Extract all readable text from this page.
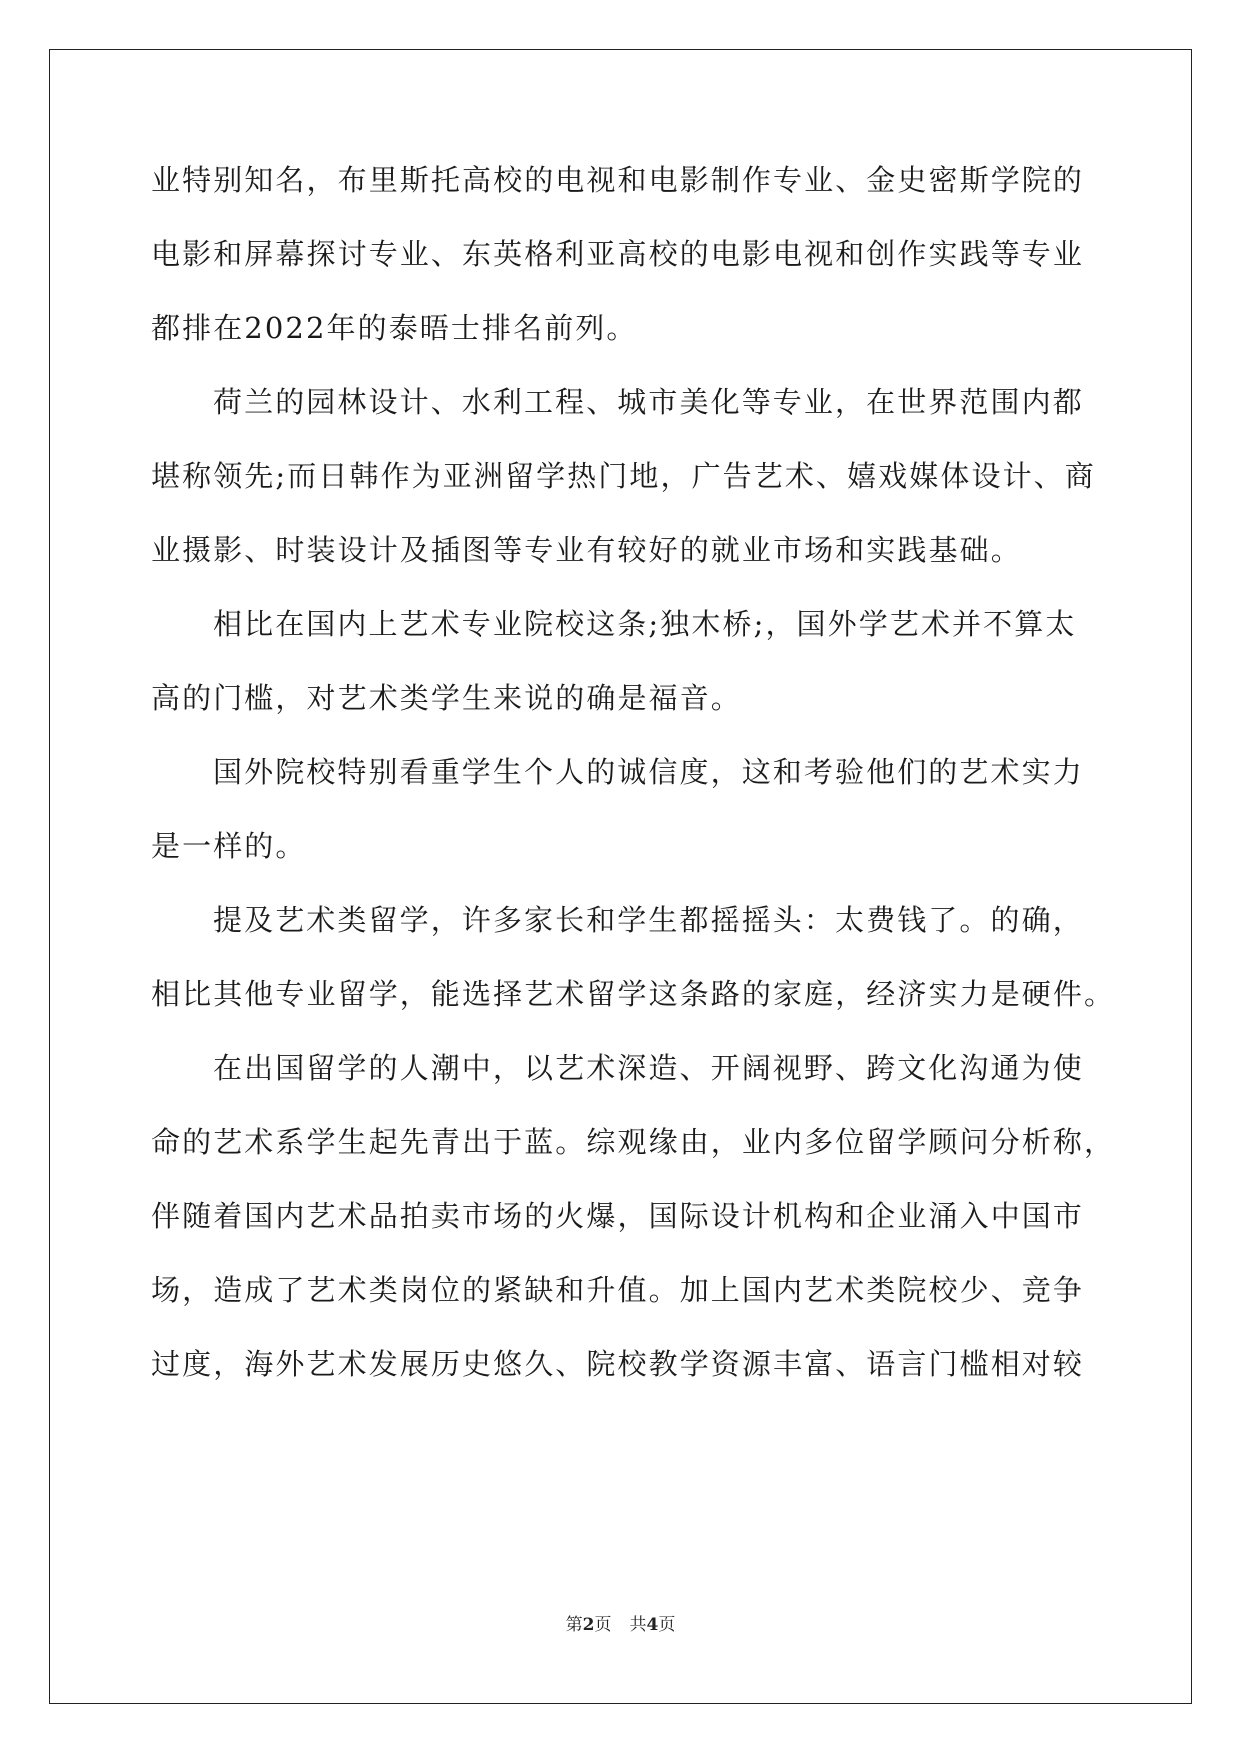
业特别知名，布里斯托高校的电视和电影制作专业、金史密斯学院的
电影和屏幕探讨专业、东英格利亚高校的电影电视和创作实践等专业
都排在2022年的泰晤士排名前列。
荷兰的园林设计、水利工程、城市美化等专业，在世界范围内都
堪称领先;而日韩作为亚洲留学热门地，广告艺术、嬉戏媒体设计、商
业摄影、时装设计及插图等专业有较好的就业市场和实践基础。
相比在国内上艺术专业院校这条;独木桥;，国外学艺术并不算太
高的门槛，对艺术类学生来说的确是福音。
国外院校特别看重学生个人的诚信度，这和考验他们的艺术实力
是一样的。
提及艺术类留学，许多家长和学生都摇摇头：太费钱了。的确，
相比其他专业留学，能选择艺术留学这条路的家庭，经济实力是硬件。
在出国留学的人潮中，以艺术深造、开阔视野、跨文化沟通为使
命的艺术系学生起先青出于蓝。综观缘由，业内多位留学顾问分析称，
伴随着国内艺术品拍卖市场的火爆，国际设计机构和企业涌入中国市
场，造成了艺术类岗位的紧缺和升值。加上国内艺术类院校少、竞争
过度，海外艺术发展历史悠久、院校教学资源丰富、语言门槛相对较
第2页 共4页
